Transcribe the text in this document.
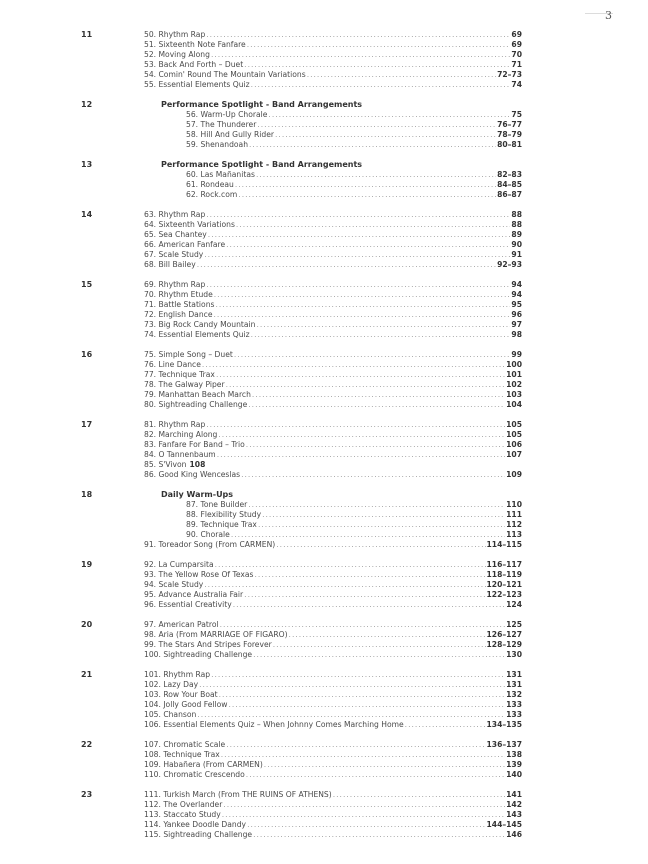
3
11	50. Rhythm Rap .....	69
51. Sixteenth Note Fanfare .....	69
52. Moving Along .....	70
53. Back And Forth – Duet .....	71
54. Comin' Round The Mountain Variations .....	72–73
55. Essential Elements Quiz .....	74
12	Performance Spotlight - Band Arrangements
56. Warm-Up Chorale .....	75
57. The Thunderer .....	76–77
58. Hill And Gully Rider .....	78–79
59. Shenandoah .....	80–81
13	Performance Spotlight - Band Arrangements
60. Las Mañanitas .....	82–83
61. Rondeau .....	84–85
62. Rock.com .....	86–87
14	63. Rhythm Rap .....	88
64. Sixteenth Variations .....	88
65. Sea Chantey .....	89
66. American Fanfare .....	90
67. Scale Study .....	91
68. Bill Bailey .....	92–93
15	69. Rhythm Rap .....	94
70. Rhythm Etude .....	94
71. Battle Stations .....	95
72. English Dance .....	96
73. Big Rock Candy Mountain .....	97
74. Essential Elements Quiz .....	98
16	75. Simple Song – Duet .....	99
76. Line Dance .....	100
77. Technique Trax .....	101
78. The Galway Piper .....	102
79. Manhattan Beach March .....	103
80. Sightreading Challenge .....	104
17	81. Rhythm Rap .....	105
82. Marching Along .....	105
83. Fanfare For Band – Trio .....	106
84. O Tannenbaum .....	107
85. S'Vivon 108
86. Good King Wenceslas .....	109
18	Daily Warm-Ups
87. Tone Builder .....	110
88. Flexibility Study .....	111
89. Technique Trax .....	112
90. Chorale .....	113
91. Toreador Song (From CARMEN) .....	114–115
19	92. La Cumparsita .....	116–117
93. The Yellow Rose Of Texas .....	118–119
94. Scale Study .....	120–121
95. Advance Australia Fair .....	122–123
96. Essential Creativity .....	124
20	97. American Patrol .....	125
98. Aria (From MARRIAGE OF FIGARO) .....	126–127
99. The Stars And Stripes Forever .....	128–129
100. Sightreading Challenge .....	130
21	101. Rhythm Rap .....	131
102. Lazy Day .....	131
103. Row Your Boat .....	132
104. Jolly Good Fellow .....	133
105. Chanson .....	133
106. Essential Elements Quiz – When Johnny Comes Marching Home .....	134–135
22	107. Chromatic Scale .....	136–137
108. Technique Trax .....	138
109. Habañera (From CARMEN) .....	139
110. Chromatic Crescendo .....	140
23	111. Turkish March (From THE RUINS OF ATHENS) .....	141
112. The Overlander .....	142
113. Staccato Study .....	143
114. Yankee Doodle Dandy .....	144–145
115. Sightreading Challenge .....	146
